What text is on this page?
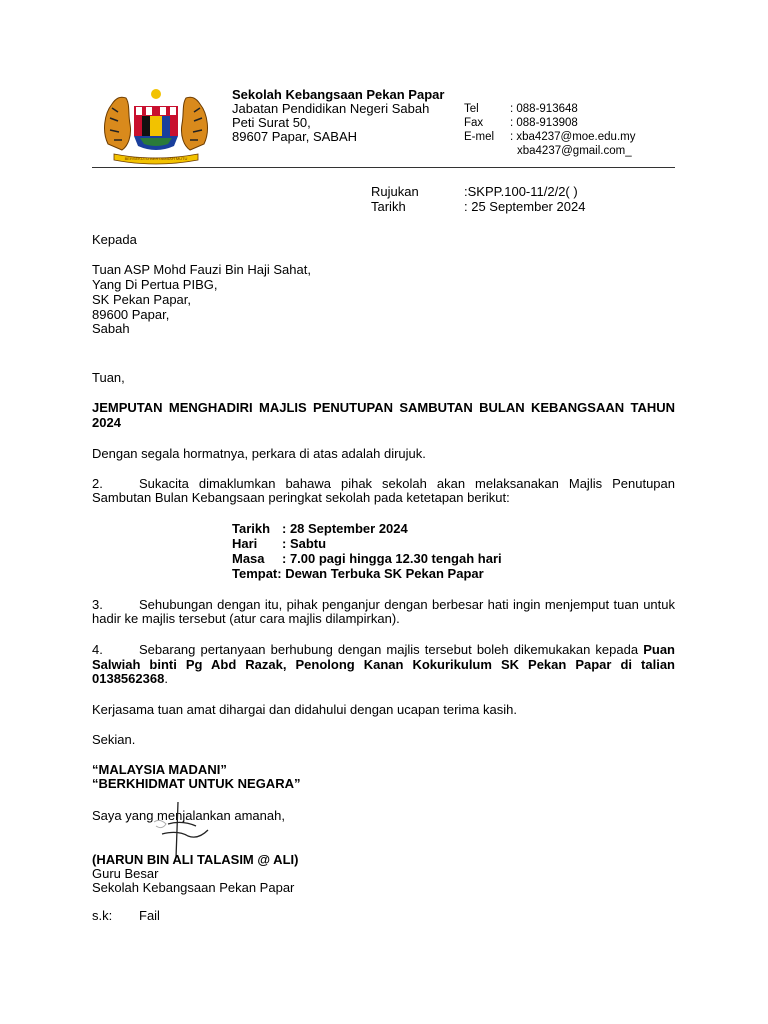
BERSEKUTU BERTAMBAH MUTU
Sekolah Kebangsaan Pekan Papar
Jabatan Pendidikan Negeri Sabah
Peti Surat 50,
89607 Papar, SABAH
Tel	: 088-913648
Fax : 088-913908
E-mel : xba4237@moe.edu.my
xba4237@gmail.com_
Rujukan	:SKPP.100-11/2/2( )
Tarikh	: 25 September 2024
Kepada
Tuan ASP Mohd Fauzi Bin Haji Sahat,
Yang Di Pertua PIBG,
SK Pekan Papar,
89600 Papar,
Sabah
Tuan,
JEMPUTAN MENGHADIRI MAJLIS PENUTUPAN SAMBUTAN BULAN KEBANGSAAN TAHUN
2024
Dengan segala hormatnya, perkara di atas adalah dirujuk.
2.	Sukacita dimaklumkan bahawa pihak sekolah akan melaksanakan Majlis Penutupan
Sambutan Bulan Kebangsaan peringkat sekolah pada ketetapan berikut:
Tarikh : 28 September 2024
Hari : Sabtu
Masa : 7.00 pagi hingga 12.30 tengah hari
Tempat: Dewan Terbuka SK Pekan Papar
3.	Sehubungan dengan itu, pihak penganjur dengan berbesar hati ingin menjemput tuan untuk
hadir ke majlis tersebut (atur cara majlis dilampirkan).
4.	Sebarang pertanyaan berhubung dengan majlis tersebut boleh dikemukakan kepada Puan
Salwiah binti Pg Abd Razak, Penolong Kanan Kokurikulum SK Pekan Papar di talian
0138562368.
Kerjasama tuan amat dihargai dan didahului dengan ucapan terima kasih.
Sekian.
“MALAYSIA MADANI”
“BERKHIDMAT UNTUK NEGARA”
Saya yang menjalankan amanah,
(HARUN BIN ALI TALASIM @ ALI)
Guru Besar
Sekolah Kebangsaan Pekan Papar
s.k: Fail
